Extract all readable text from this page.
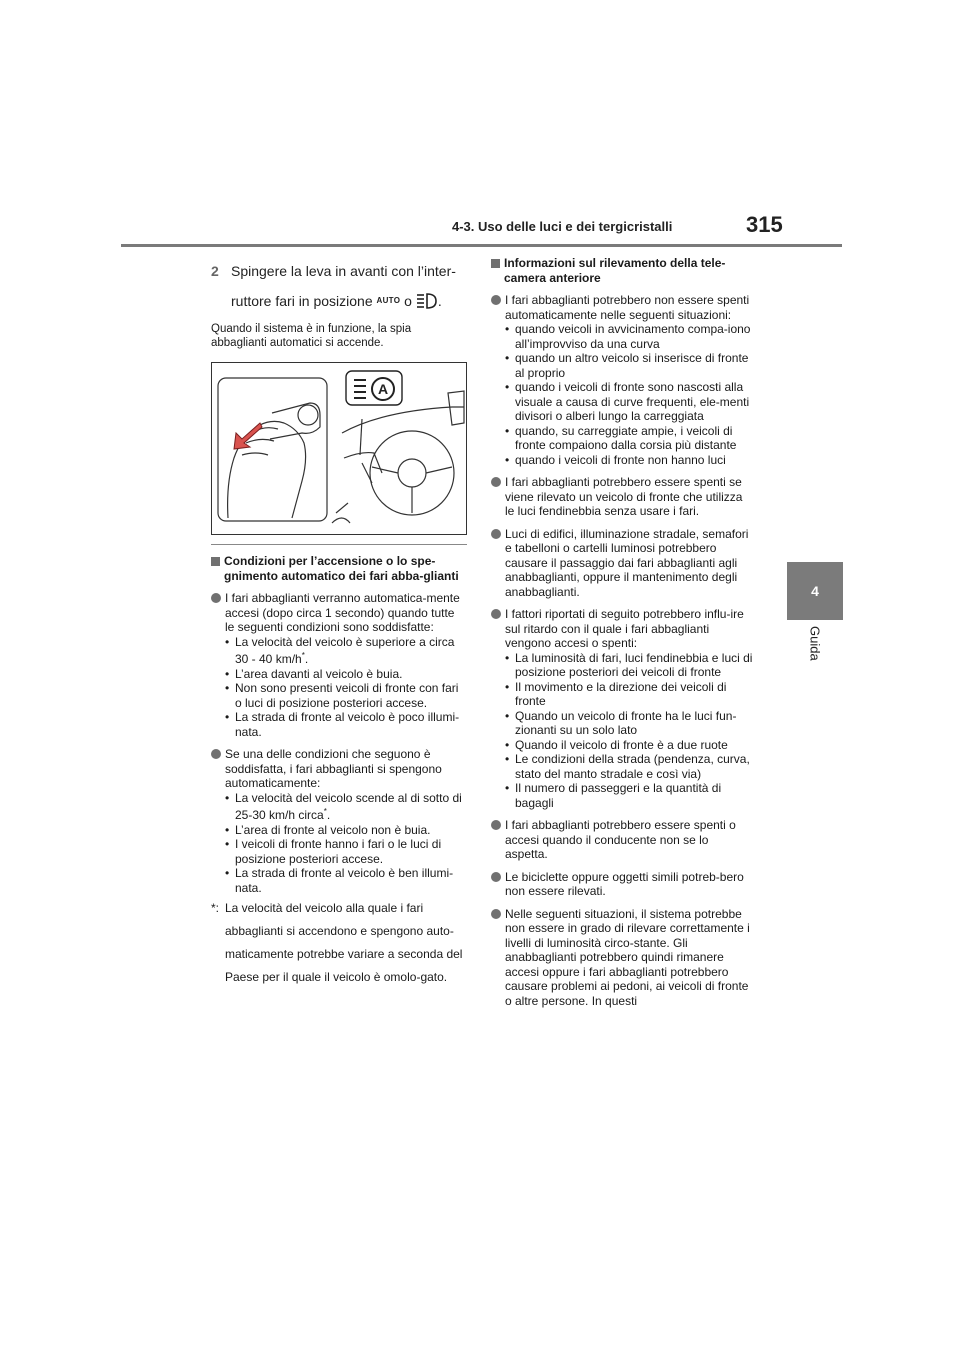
4-3. Uso delle luci e dei tergicristalli	315
4
Guida
2 Spingere la leva in avanti con l’inter-
ruttore fari in posizione $^{AUTO}$ o .
Quando il sistema è in funzione, la spia abbaglianti automatici si accende.
A
Condizioni per l’accensione o lo spe-gnimento automatico dei fari abba-glianti
I fari abbaglianti verranno automatica-mente accesi (dopo circa 1 secondo) quando tutte le seguenti condizioni sono soddisfatte:
• La velocità del veicolo è superiore a circa 30 - 40 km/h*.
• L’area davanti al veicolo è buia.
• Non sono presenti veicoli di fronte con fari o luci di posizione posteriori accese.
• La strada di fronte al veicolo è poco illumi-nata.
Se una delle condizioni che seguono è soddisfatta, i fari abbaglianti si spengono automaticamente:
• La velocità del veicolo scende al di sotto di 25-30 km/h circa*.
• L’area di fronte al veicolo non è buia.
• I veicoli di fronte hanno i fari o le luci di posizione posteriori accese.
• La strada di fronte al veicolo è ben illumi-nata.
*: La velocità del veicolo alla quale i fari abbaglianti si accendono e spengono auto-maticamente potrebbe variare a seconda del Paese per il quale il veicolo è omolo-gato.
Informazioni sul rilevamento della tele-camera anteriore
I fari abbaglianti potrebbero non essere spenti automaticamente nelle seguenti situazioni:
• quando veicoli in avvicinamento compa-iono all’improvviso da una curva
• quando un altro veicolo si inserisce di fronte al proprio
• quando i veicoli di fronte sono nascosti alla visuale a causa di curve frequenti, ele-menti divisori o alberi lungo la carreggiata
• quando, su carreggiate ampie, i veicoli di fronte compaiono dalla corsia più distante
• quando i veicoli di fronte non hanno luci
I fari abbaglianti potrebbero essere spenti se viene rilevato un veicolo di fronte che utilizza le luci fendinebbia senza usare i fari.
Luci di edifici, illuminazione stradale, semafori e tabelloni o cartelli luminosi potrebbero causare il passaggio dai fari abbaglianti agli anabbaglianti, oppure il mantenimento degli anabbaglianti.
I fattori riportati di seguito potrebbero influ-ire sul ritardo con il quale i fari abbaglianti vengono accesi o spenti:
• La luminosità di fari, luci fendinebbia e luci di posizione posteriori dei veicoli di fronte
• Il movimento e la direzione dei veicoli di fronte
• Quando un veicolo di fronte ha le luci fun-zionanti su un solo lato
• Quando il veicolo di fronte è a due ruote
• Le condizioni della strada (pendenza, curva, stato del manto stradale e così via)
• Il numero di passeggeri e la quantità di bagagli
I fari abbaglianti potrebbero essere spenti o accesi quando il conducente non se lo aspetta.
Le biciclette oppure oggetti simili potreb-bero non essere rilevati.
Nelle seguenti situazioni, il sistema potrebbe non essere in grado di rilevare correttamente i livelli di luminosità circo-stante. Gli anabbaglianti potrebbero quindi rimanere accesi oppure i fari abbaglianti potrebbero causare problemi ai pedoni, ai veicoli di fronte o altre persone. In questi
